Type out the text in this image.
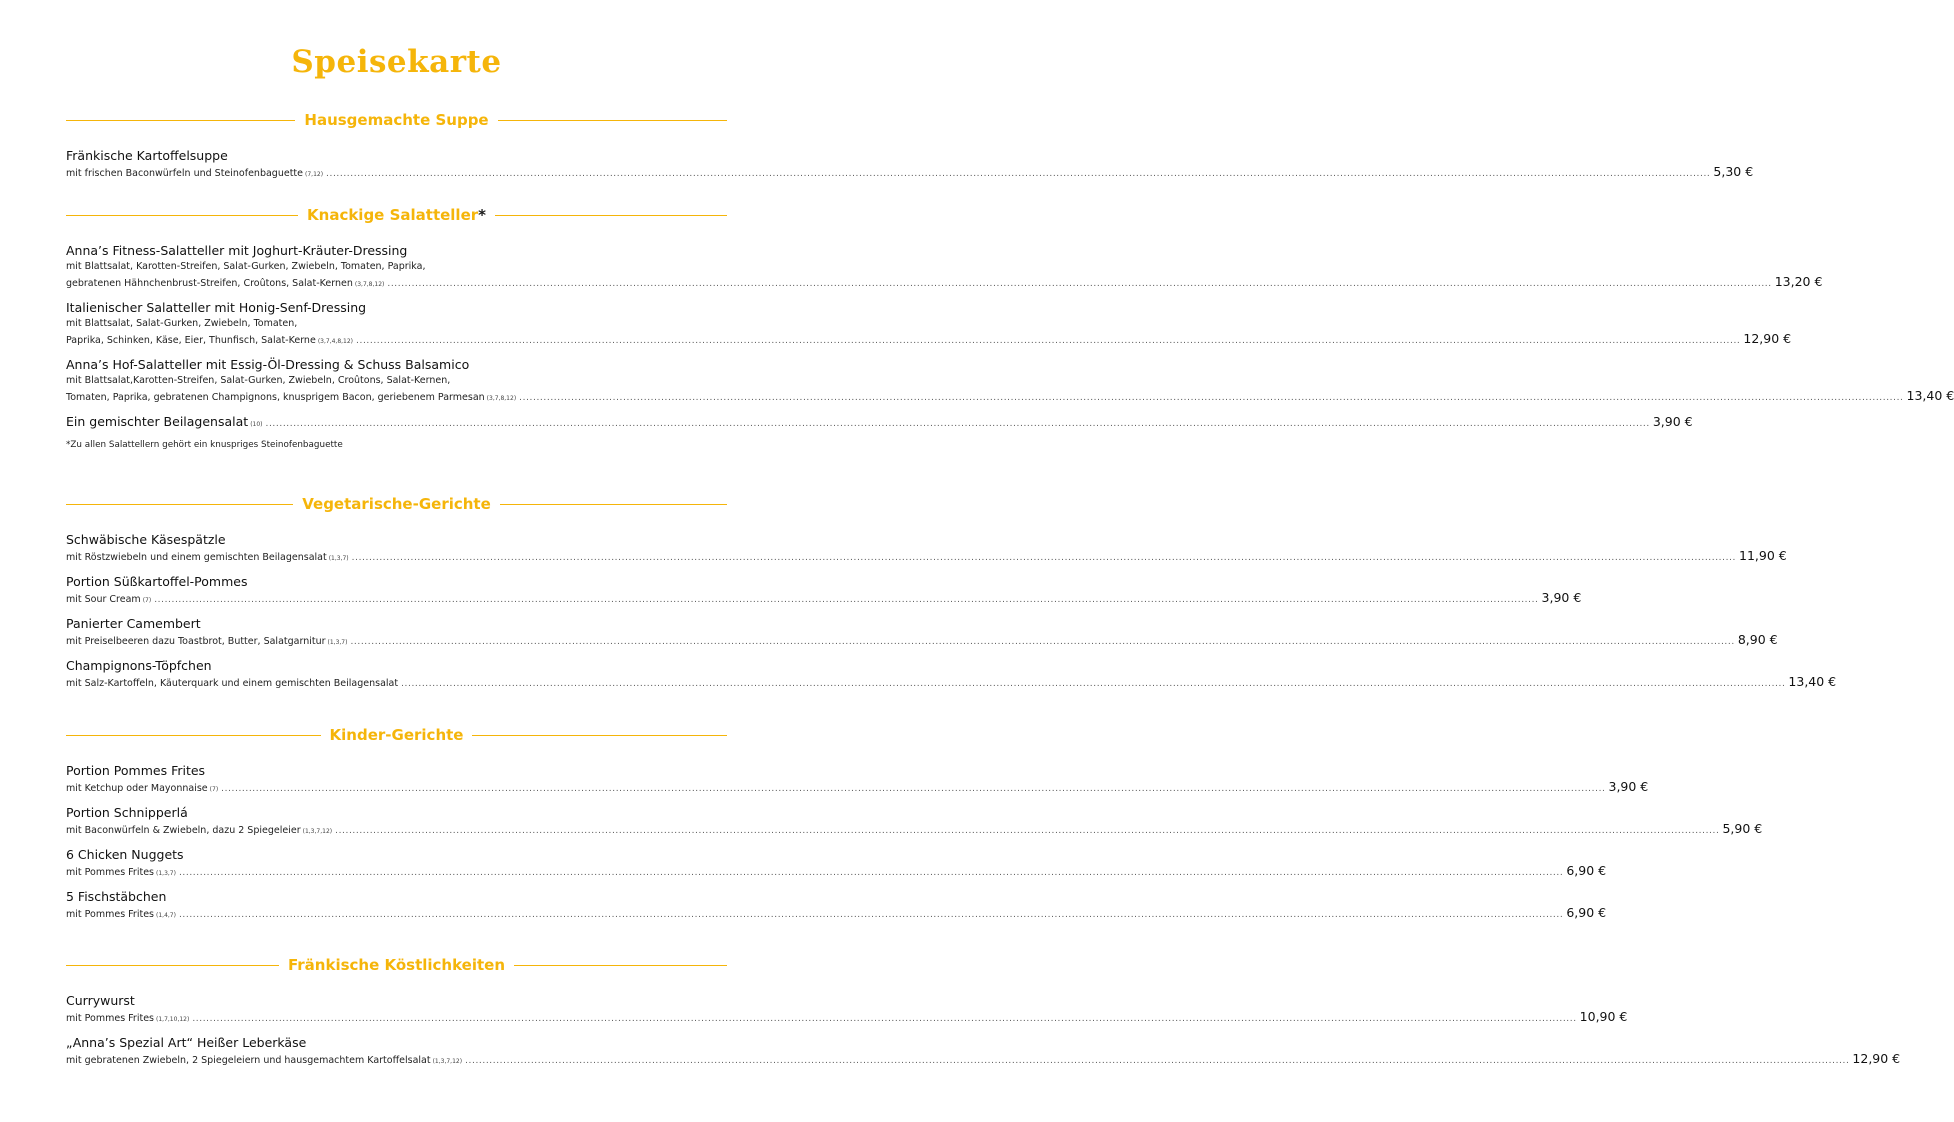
Speisekarte
Hausgemachte Suppe
Fränkische Kartoffelsuppe
mit frischen Baconwürfeln und Steinofenbaguette (7,12) ................................................................................................................................................................................................................................................................................................................................................................................................................ 5,30 €
Knackige Salatteller*
Anna’s Fitness-Salatteller mit Joghurt-Kräuter-Dressing
mit Blattsalat, Karotten-Streifen, Salat-Gurken, Zwiebeln, Tomaten, Paprika,
gebratenen Hähnchenbrust-Streifen, Croûtons, Salat-Kernen (3,7,8,12) ................................................................................................................................................................................................................................................................................................................................................................................................................ 13,20 €
Italienischer Salatteller mit Honig-Senf-Dressing
mit Blattsalat, Salat-Gurken, Zwiebeln, Tomaten,
Paprika, Schinken, Käse, Eier, Thunfisch, Salat-Kerne (3,7,4,8,12) ................................................................................................................................................................................................................................................................................................................................................................................................................ 12,90 €
Anna’s Hof-Salatteller mit Essig-Öl-Dressing & Schuss Balsamico
mit Blattsalat,Karotten-Streifen, Salat-Gurken, Zwiebeln, Croûtons, Salat-Kernen,
Tomaten, Paprika, gebratenen Champignons, knusprigem Bacon, geriebenem Parmesan (3,7,8,12) ................................................................................................................................................................................................................................................................................................................................................................................................................ 13,40 €
Ein gemischter Beilagensalat (10) ................................................................................................................................................................................................................................................................................................................................................................................................................ 3,90 €
*Zu allen Salattellern gehört ein knuspriges Steinofenbaguette
Vegetarische-Gerichte
Schwäbische Käsespätzle
mit Röstzwiebeln und einem gemischten Beilagensalat (1,3,7) ................................................................................................................................................................................................................................................................................................................................................................................................................ 11,90 €
Portion Süßkartoffel-Pommes
mit Sour Cream (7) ................................................................................................................................................................................................................................................................................................................................................................................................................ 3,90 €
Panierter Camembert
mit Preiselbeeren dazu Toastbrot, Butter, Salatgarnitur (1,3,7) ................................................................................................................................................................................................................................................................................................................................................................................................................ 8,90 €
Champignons-Töpfchen
mit Salz-Kartoffeln, Käuterquark und einem gemischten Beilagensalat ................................................................................................................................................................................................................................................................................................................................................................................................................ 13,40 €
Kinder-Gerichte
Portion Pommes Frites
mit Ketchup oder Mayonnaise (7) ................................................................................................................................................................................................................................................................................................................................................................................................................ 3,90 €
Portion Schnipperlá
mit Baconwürfeln & Zwiebeln, dazu 2 Spiegeleier (1,3,7,12) ................................................................................................................................................................................................................................................................................................................................................................................................................ 5,90 €
6 Chicken Nuggets
mit Pommes Frites (1,3,7) ................................................................................................................................................................................................................................................................................................................................................................................................................ 6,90 €
5 Fischstäbchen
mit Pommes Frites (1,4,7) ................................................................................................................................................................................................................................................................................................................................................................................................................ 6,90 €
Fränkische Köstlichkeiten
Currywurst
mit Pommes Frites (1,7,10,12) ................................................................................................................................................................................................................................................................................................................................................................................................................ 10,90 €
„Anna’s Spezial Art“ Heißer Leberkäse
mit gebratenen Zwiebeln, 2 Spiegeleiern und hausgemachtem Kartoffelsalat (1,3,7,12) ................................................................................................................................................................................................................................................................................................................................................................................................................ 12,90 €
